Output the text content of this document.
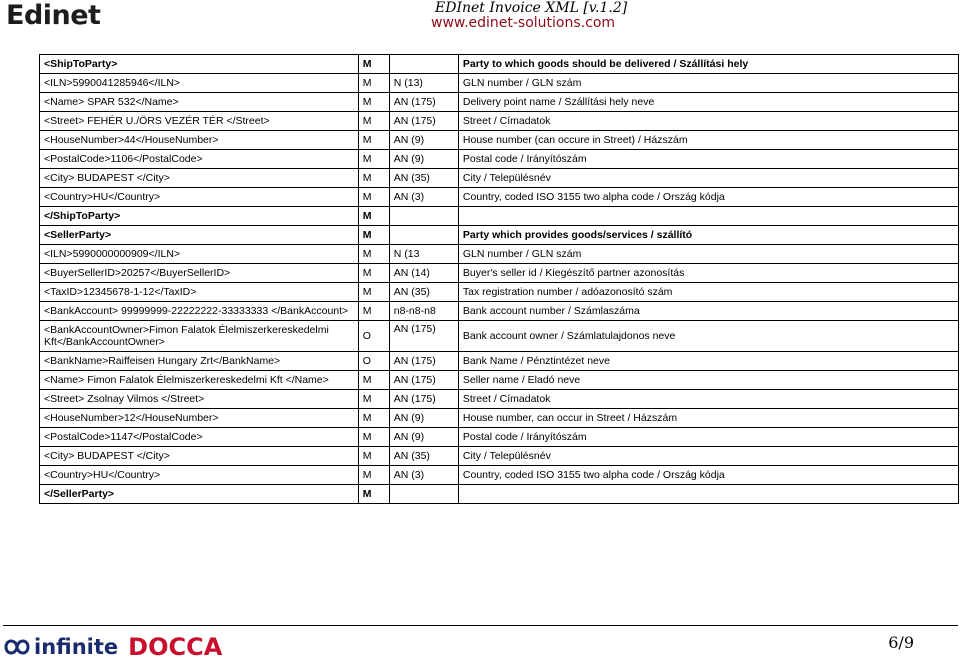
Edinet	EDInet Invoice XML [v.1.2]
www.edinet-solutions.com
<ShipToParty>	M		Party to which goods should be delivered / Szállítási hely
<ILN>5990041285946</ILN>	M	N (13)	GLN number / GLN szám
<Name> SPAR 532</Name>	M	AN (175)	Delivery point name / Szállítási hely neve
<Street> FEHÉR U./ÖRS VEZÉR TÉR </Street>	M	AN (175)	Street / Címadatok
<HouseNumber>44</HouseNumber>	M	AN (9)	House number (can occure in Street) / Házszám
<PostalCode>1106</PostalCode>	M	AN (9)	Postal code / Irányítószám
<City> BUDAPEST </City>	M	AN (35)	City / Településnév
<Country>HU</Country>	M	AN (3)	Country, coded ISO 3155 two alpha code / Ország kódja
</ShipToParty>	M		
<SellerParty>	M		Party which provides goods/services / szállító
<ILN>5990000000909</ILN>	M	N (13	GLN number / GLN szám
<BuyerSellerID>20257</BuyerSellerID>	M	AN (14)	Buyer's seller id / Kiegészítő partner azonosítás
<TaxID>12345678-1-12</TaxID>	M	AN (35)	Tax registration number / adóazonosító szám
<BankAccount> 99999999-22222222-33333333 </BankAccount>	M	n8-n8-n8	Bank account number / Számlaszáma
<BankAccountOwner>Fimon Falatok Élelmiszerkereskedelmi Kft</BankAccountOwner>	O	AN (175)	Bank account owner / Számlatulajdonos neve
<BankName>Raiffeisen Hungary Zrt</BankName>	O	AN (175)	Bank Name / Pénztintézet neve
<Name> Fimon Falatok Élelmiszerkereskedelmi Kft </Name>	M	AN (175)	Seller name / Eladó neve
<Street> Zsolnay Vilmos </Street>	M	AN (175)	Street / Címadatok
<HouseNumber>12</HouseNumber>	M	AN (9)	House number, can occur in Street / Házszám
<PostalCode>1147</PostalCode>	M	AN (9)	Postal code / Irányítószám
<City> BUDAPEST </City>	M	AN (35)	City / Településnév
<Country>HU</Country>	M	AN (3)	Country, coded ISO 3155 two alpha code / Ország kódja
</SellerParty>	M		
infinite DOCCA	6/9
